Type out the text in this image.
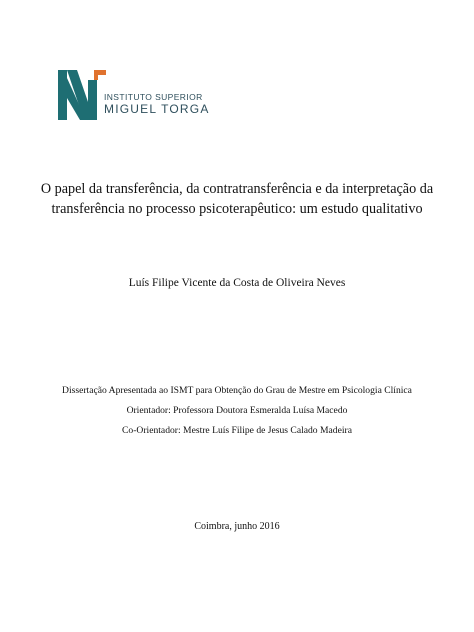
INSTITUTO SUPERIOR
MIGUEL TORGA
O papel da transferência, da contratransferência e da interpretação da
transferência no processo psicoterapêutico: um estudo qualitativo
Luís Filipe Vicente da Costa de Oliveira Neves
Dissertação Apresentada ao ISMT para Obtenção do Grau de Mestre em Psicologia Clínica
Orientador: Professora Doutora Esmeralda Luísa Macedo
Co-Orientador: Mestre Luís Filipe de Jesus Calado Madeira
Coimbra, junho 2016
